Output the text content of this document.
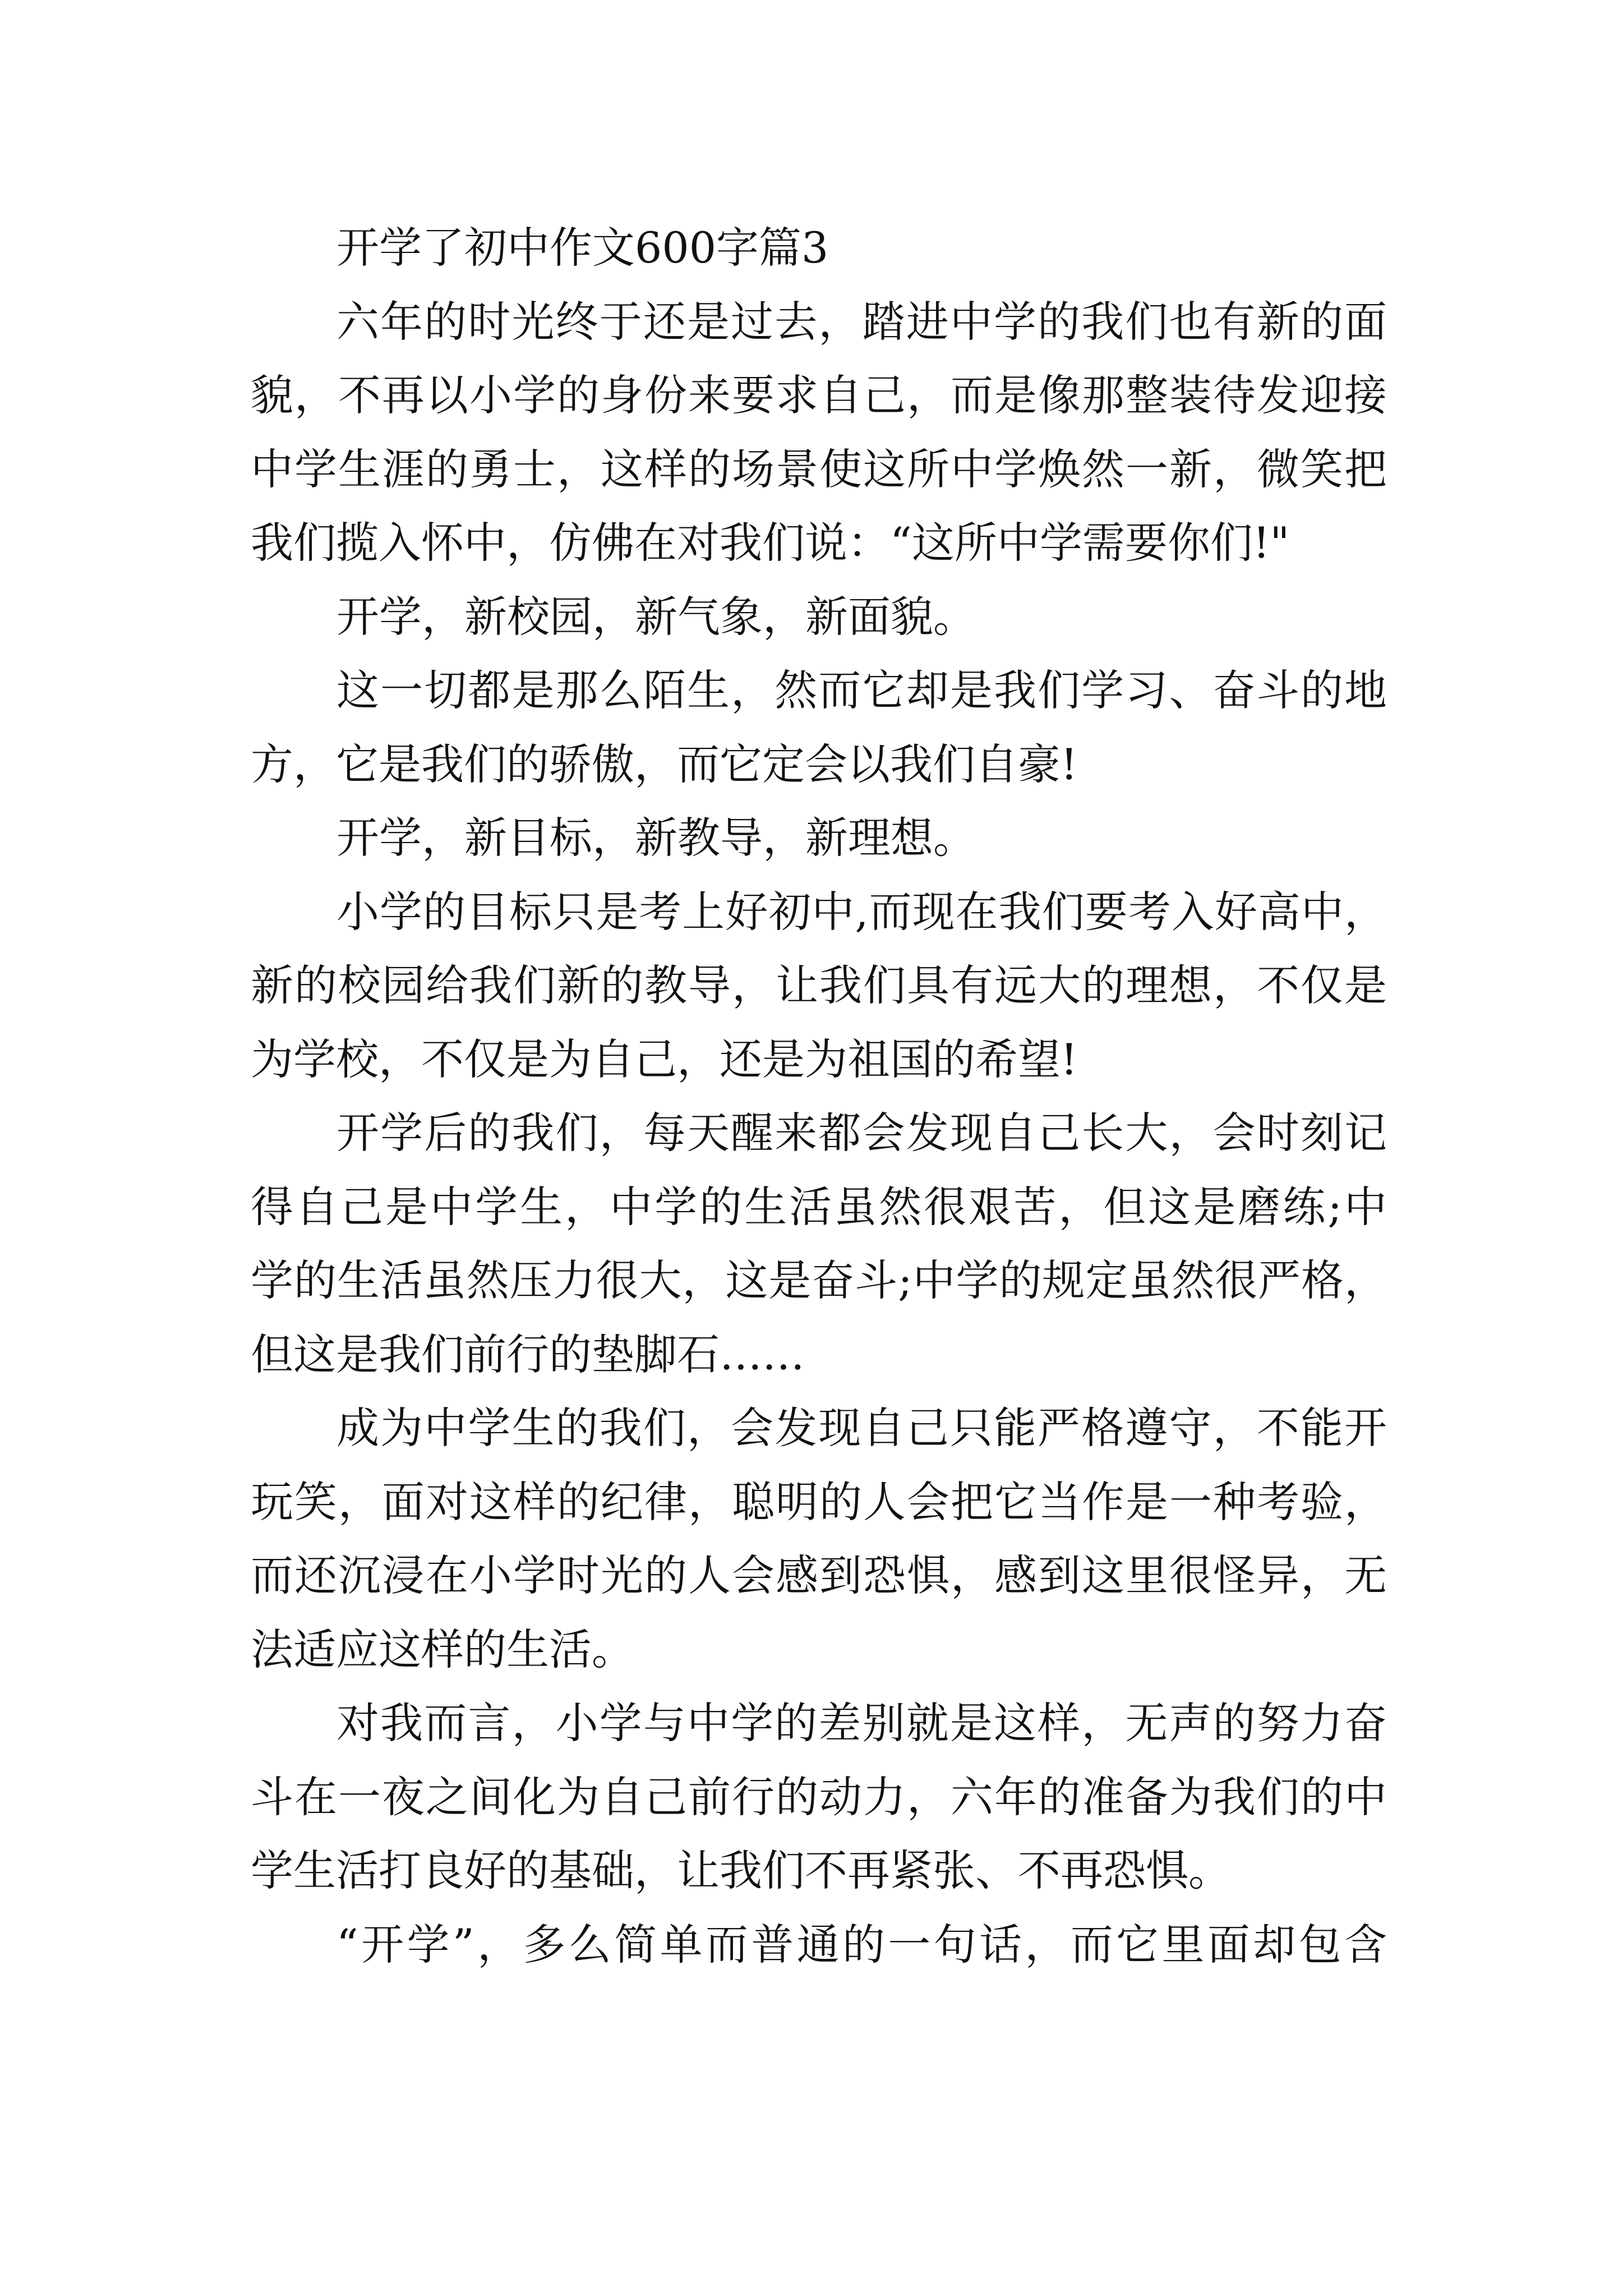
开学了初中作文600字篇3
六年的时光终于还是过去，踏进中学的我们也有新的面
貌，不再以小学的身份来要求自己，而是像那整装待发迎接
中学生涯的勇士，这样的场景使这所中学焕然一新，微笑把
我们揽入怀中，仿佛在对我们说：“这所中学需要你们!"
开学，新校园，新气象，新面貌。
这一切都是那么陌生，然而它却是我们学习、奋斗的地
方，它是我们的骄傲，而它定会以我们自豪!
开学，新目标，新教导，新理想。
小学的目标只是考上好初中,而现在我们要考入好高中，
新的校园给我们新的教导，让我们具有远大的理想，不仅是
为学校，不仅是为自己，还是为祖国的希望!
开学后的我们，每天醒来都会发现自己长大，会时刻记
得自己是中学生，中学的生活虽然很艰苦，但这是磨练;中
学的生活虽然压力很大，这是奋斗;中学的规定虽然很严格，
但这是我们前行的垫脚石……
成为中学生的我们，会发现自己只能严格遵守，不能开
玩笑，面对这样的纪律，聪明的人会把它当作是一种考验，
而还沉浸在小学时光的人会感到恐惧，感到这里很怪异，无
法适应这样的生活。
对我而言，小学与中学的差别就是这样，无声的努力奋
斗在一夜之间化为自己前行的动力，六年的准备为我们的中
学生活打良好的基础，让我们不再紧张、不再恐惧。
“开学”，多么简单而普通的一句话，而它里面却包含
